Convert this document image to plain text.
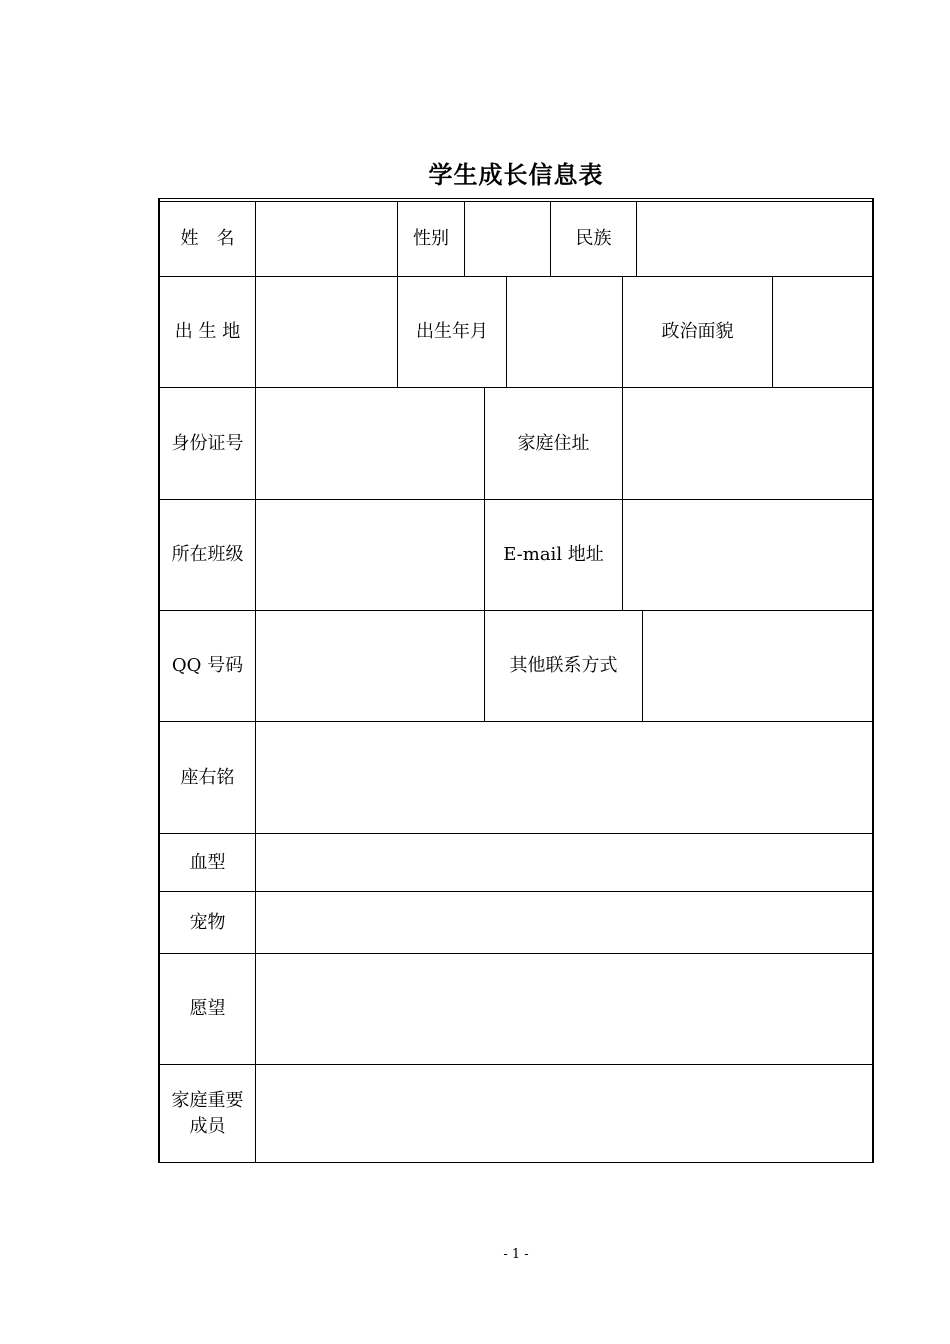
学生成长信息表
姓　名	性别	民族
出 生 地	出生年月	政治面貌
身份证号	家庭住址
所在班级	E-mail 地址
QQ 号码	其他联系方式
座右铭
血型
宠物
愿望
家庭重要
成员
- 1 -
